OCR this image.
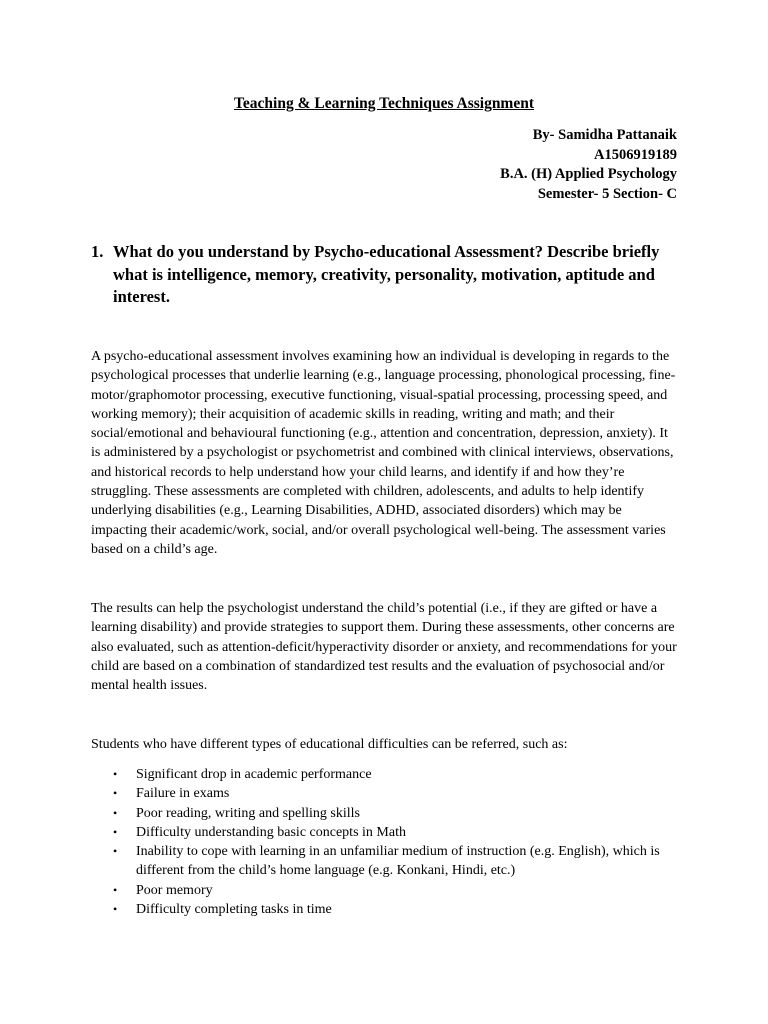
Teaching & Learning Techniques Assignment
By- Samidha Pattanaik
A1506919189
B.A. (H) Applied Psychology
Semester- 5 Section- C
1. What do you understand by Psycho-educational Assessment? Describe briefly what is intelligence, memory, creativity, personality, motivation, aptitude and interest.

A psycho-educational assessment involves examining how an individual is developing in regards to the psychological processes that underlie learning (e.g., language processing, phonological processing, fine-motor/graphomotor processing, executive functioning, visual-spatial processing, processing speed, and working memory); their acquisition of academic skills in reading, writing and math; and their social/emotional and behavioural functioning (e.g., attention and concentration, depression, anxiety). It is administered by a psychologist or psychometrist and combined with clinical interviews, observations, and historical records to help understand how your child learns, and identify if and how they’re struggling. These assessments are completed with children, adolescents, and adults to help identify underlying disabilities (e.g., Learning Disabilities, ADHD, associated disorders) which may be impacting their academic/work, social, and/or overall psychological well-being. The assessment varies based on a child’s age.

The results can help the psychologist understand the child’s potential (i.e., if they are gifted or have a learning disability) and provide strategies to support them. During these assessments, other concerns are also evaluated, such as attention-deficit/hyperactivity disorder or anxiety, and recommendations for your child are based on a combination of standardized test results and the evaluation of psychosocial and/or mental health issues.

Students who have different types of educational difficulties can be referred, such as:

• Significant drop in academic performance
• Failure in exams
• Poor reading, writing and spelling skills
• Difficulty understanding basic concepts in Math
• Inability to cope with learning in an unfamiliar medium of instruction (e.g. English), which is different from the child’s home language (e.g. Konkani, Hindi, etc.)
• Poor memory
• Difficulty completing tasks in time
